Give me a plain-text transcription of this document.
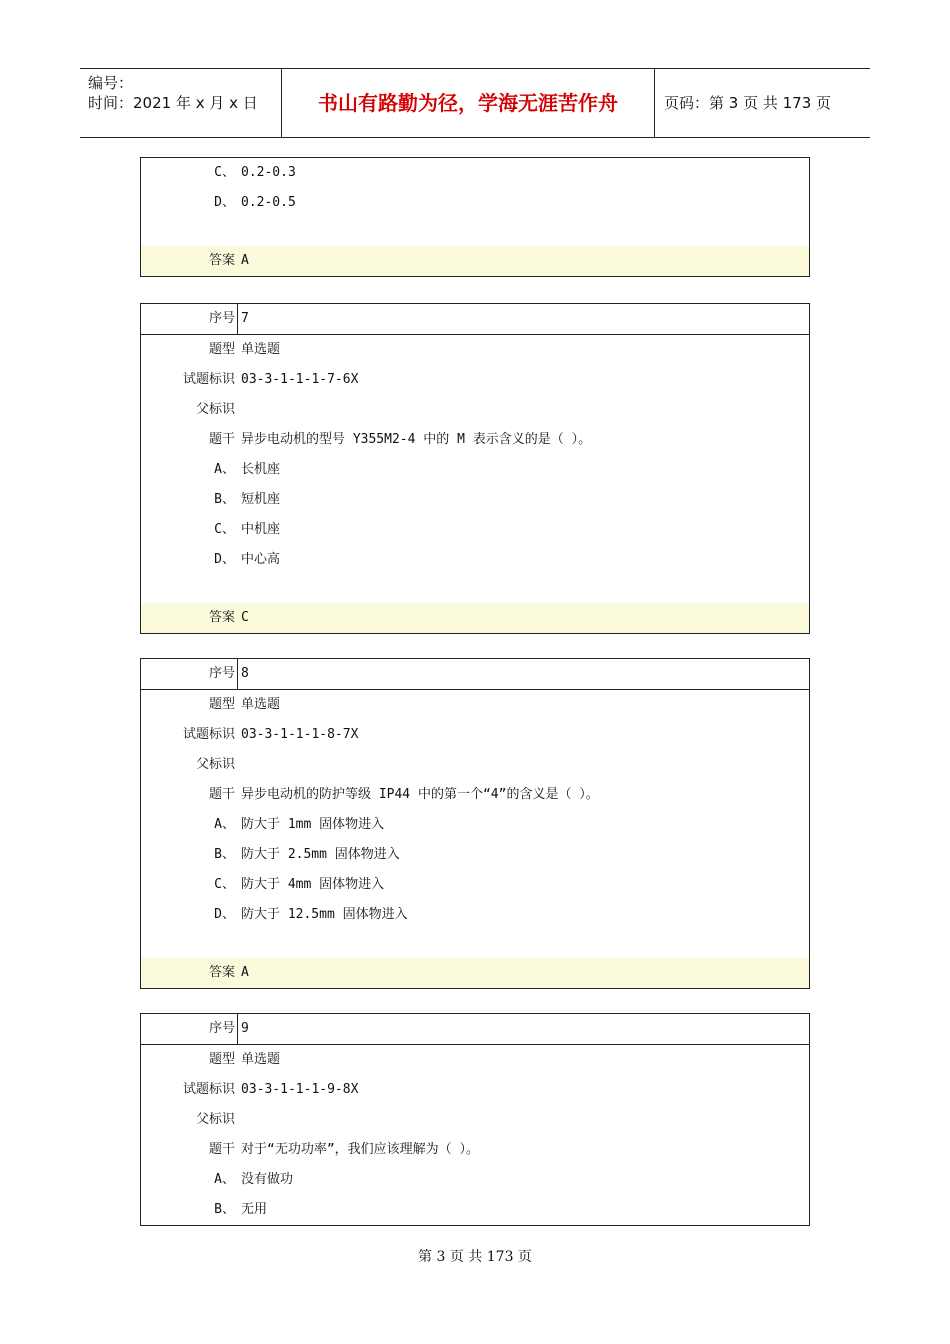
编号：
时间：2021 年 x 月 x 日	书山有路勤为径，学海无涯苦作舟	页码：第 3 页 共 173 页
C、 0.2-0.3
D、 0.2-0.5
答案 A
序号 7
题型 单选题
试题标识 03-3-1-1-1-7-6X
父标识
题干 异步电动机的型号 Y355M2-4 中的 M 表示含义的是（ ）。
A、 长机座
B、 短机座
C、 中机座
D、 中心高
答案 C
序号 8
题型 单选题
试题标识 03-3-1-1-1-8-7X
父标识
题干 异步电动机的防护等级 IP44 中的第一个“4”的含义是（ ）。
A、 防大于 1mm 固体物进入
B、 防大于 2.5mm 固体物进入
C、 防大于 4mm 固体物进入
D、 防大于 12.5mm 固体物进入
答案 A
序号 9
题型 单选题
试题标识 03-3-1-1-1-9-8X
父标识
题干 对于“无功功率”，我们应该理解为（ ）。
A、 没有做功
B、 无用
第 3 页 共 173 页
